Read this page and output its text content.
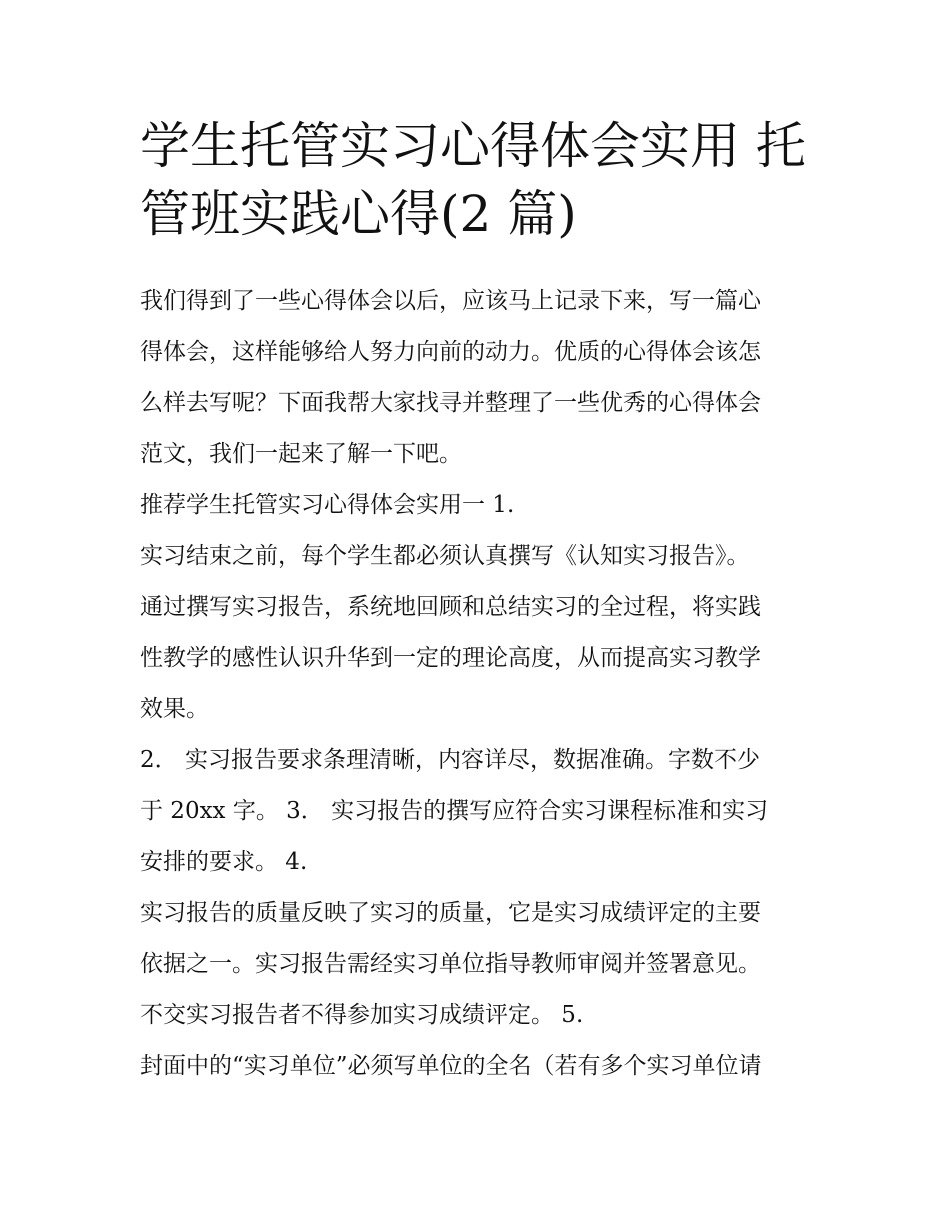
学生托管实习心得体会实用 托
管班实践心得(2 篇)

我们得到了一些心得体会以后，应该马上记录下来，写一篇心
得体会，这样能够给人努力向前的动力。优质的心得体会该怎
么样去写呢？下面我帮大家找寻并整理了一些优秀的心得体会
范文，我们一起来了解一下吧。

推荐学生托管实习心得体会实用一 1.

实习结束之前，每个学生都必须认真撰写《认知实习报告》。
通过撰写实习报告，系统地回顾和总结实习的全过程，将实践
性教学的感性认识升华到一定的理论高度，从而提高实习教学
效果。

2． 实习报告要求条理清晰，内容详尽，数据准确。字数不少
于 20xx 字。 3． 实习报告的撰写应符合实习课程标准和实习
安排的要求。 4.

实习报告的质量反映了实习的质量，它是实习成绩评定的主要
依据之一。实习报告需经实习单位指导教师审阅并签署意见。
不交实习报告者不得参加实习成绩评定。 5.

封面中的“实习单位”必须写单位的全名（若有多个实习单位请
